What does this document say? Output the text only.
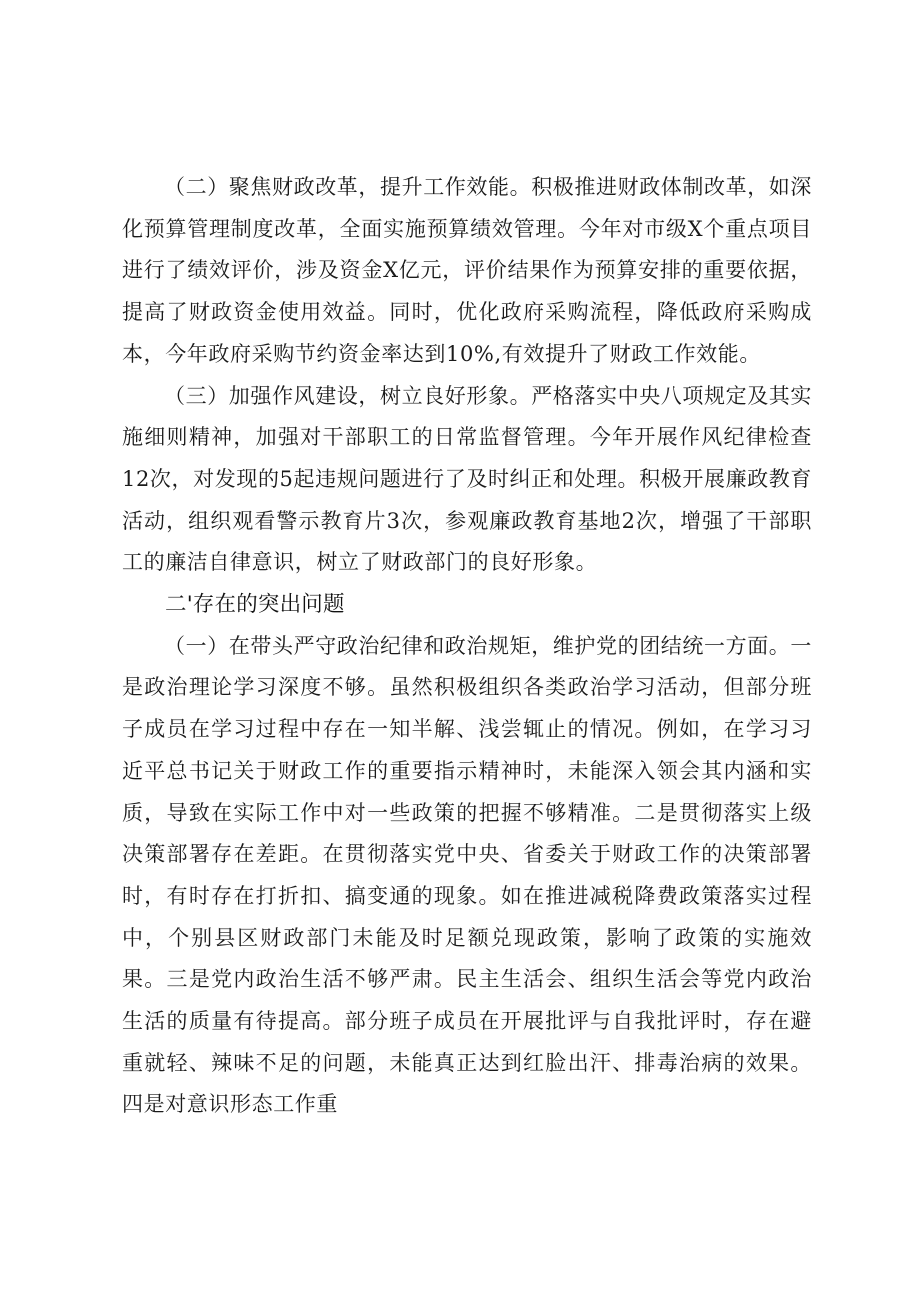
（二）聚焦财政改革，提升工作效能。积极推进财政体制改革，如深化预算管理制度改革，全面实施预算绩效管理。今年对市级X个重点项目进行了绩效评价，涉及资金X亿元，评价结果作为预算安排的重要依据，提高了财政资金使用效益。同时，优化政府采购流程，降低政府采购成本，今年政府采购节约资金率达到10%,有效提升了财政工作效能。

（三）加强作风建设，树立良好形象。严格落实中央八项规定及其实施细则精神，加强对干部职工的日常监督管理。今年开展作风纪律检查12次，对发现的5起违规问题进行了及时纠正和处理。积极开展廉政教育活动，组织观看警示教育片3次，参观廉政教育基地2次，增强了干部职工的廉洁自律意识，树立了财政部门的良好形象。

二'存在的突出问题

（一）在带头严守政治纪律和政治规矩，维护党的团结统一方面。一是政治理论学习深度不够。虽然积极组织各类政治学习活动，但部分班子成员在学习过程中存在一知半解、浅尝辄止的情况。例如，在学习习近平总书记关于财政工作的重要指示精神时，未能深入领会其内涵和实质，导致在实际工作中对一些政策的把握不够精准。二是贯彻落实上级决策部署存在差距。在贯彻落实党中央、省委关于财政工作的决策部署时，有时存在打折扣、搞变通的现象。如在推进减税降费政策落实过程中，个别县区财政部门未能及时足额兑现政策，影响了政策的实施效果。三是党内政治生活不够严肃。民主生活会、组织生活会等党内政治生活的质量有待提高。部分班子成员在开展批评与自我批评时，存在避重就轻、辣味不足的问题，未能真正达到红脸出汗、排毒治病的效果。四是对意识形态工作重
